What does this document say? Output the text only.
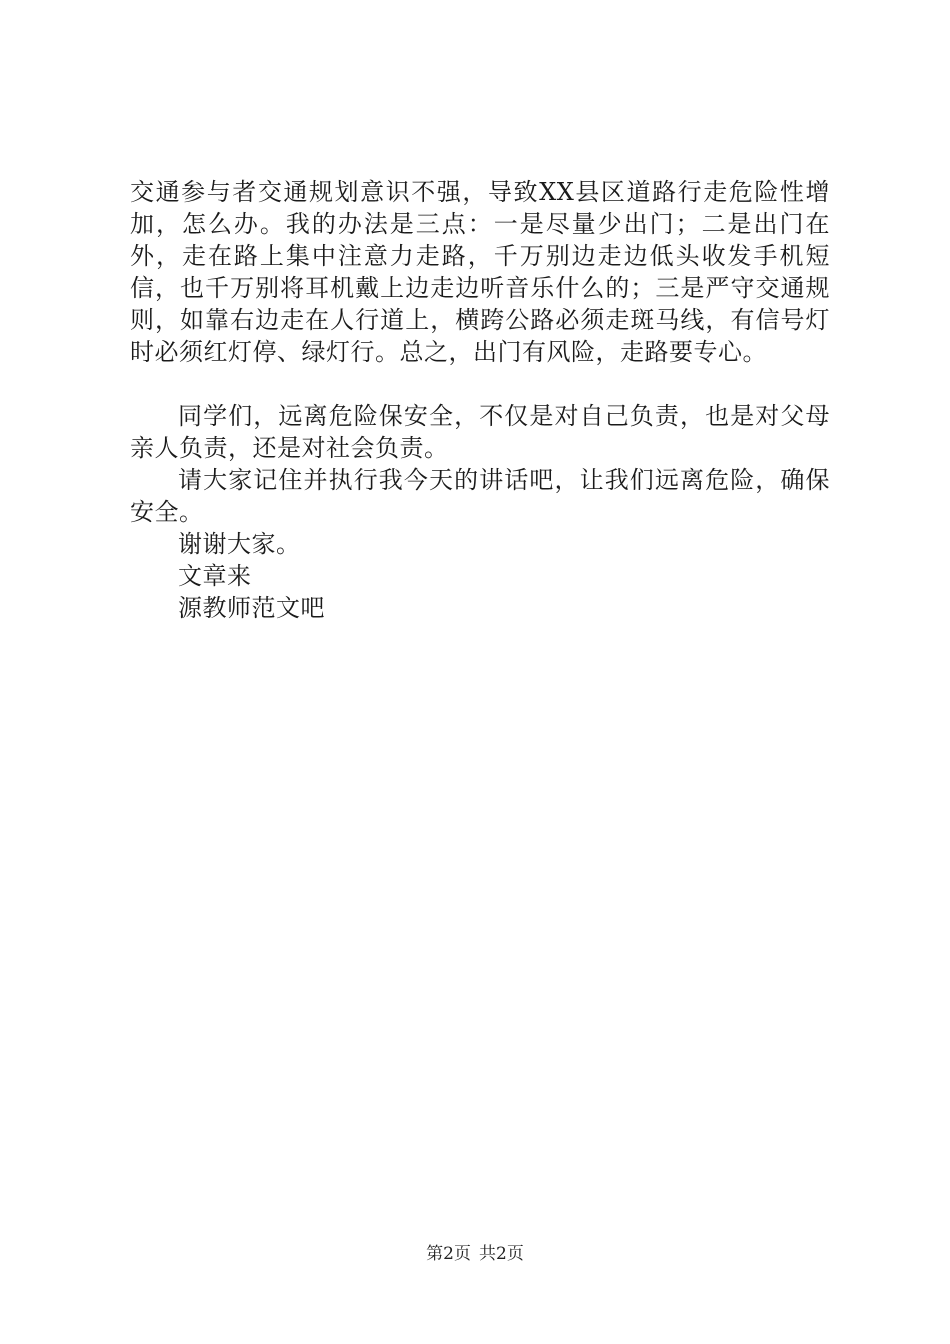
交通参与者交通规划意识不强，导致XX县区道路行走危险性增加，怎么办。我的办法是三点：一是尽量少出门；二是出门在外，走在路上集中注意力走路，千万别边走边低头收发手机短信，也千万别将耳机戴上边走边听音乐什么的；三是严守交通规则，如靠右边走在人行道上，横跨公路必须走斑马线，有信号灯时必须红灯停、绿灯行。总之，出门有风险，走路要专心。

同学们，远离危险保安全，不仅是对自己负责，也是对父母亲人负责，还是对社会负责。

请大家记住并执行我今天的讲话吧，让我们远离危险，确保安全。

谢谢大家。

文章来

源教师范文吧

第2页 共2页
